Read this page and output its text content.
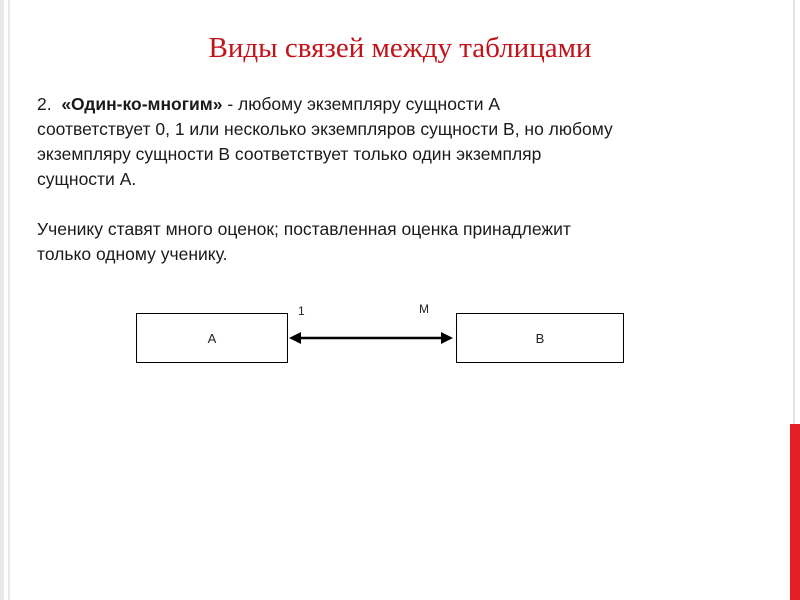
Виды связей между таблицами

2.  «Один-ко-многим» - любому экземпляру сущности А

соответствует 0, 1 или несколько экземпляров сущности В, но любому

экземпляру сущности В соответствует только один экземпляр

сущности А.

Ученику ставят много оценок; поставленная оценка принадлежит

только одному ученику.

A	B
1	M
